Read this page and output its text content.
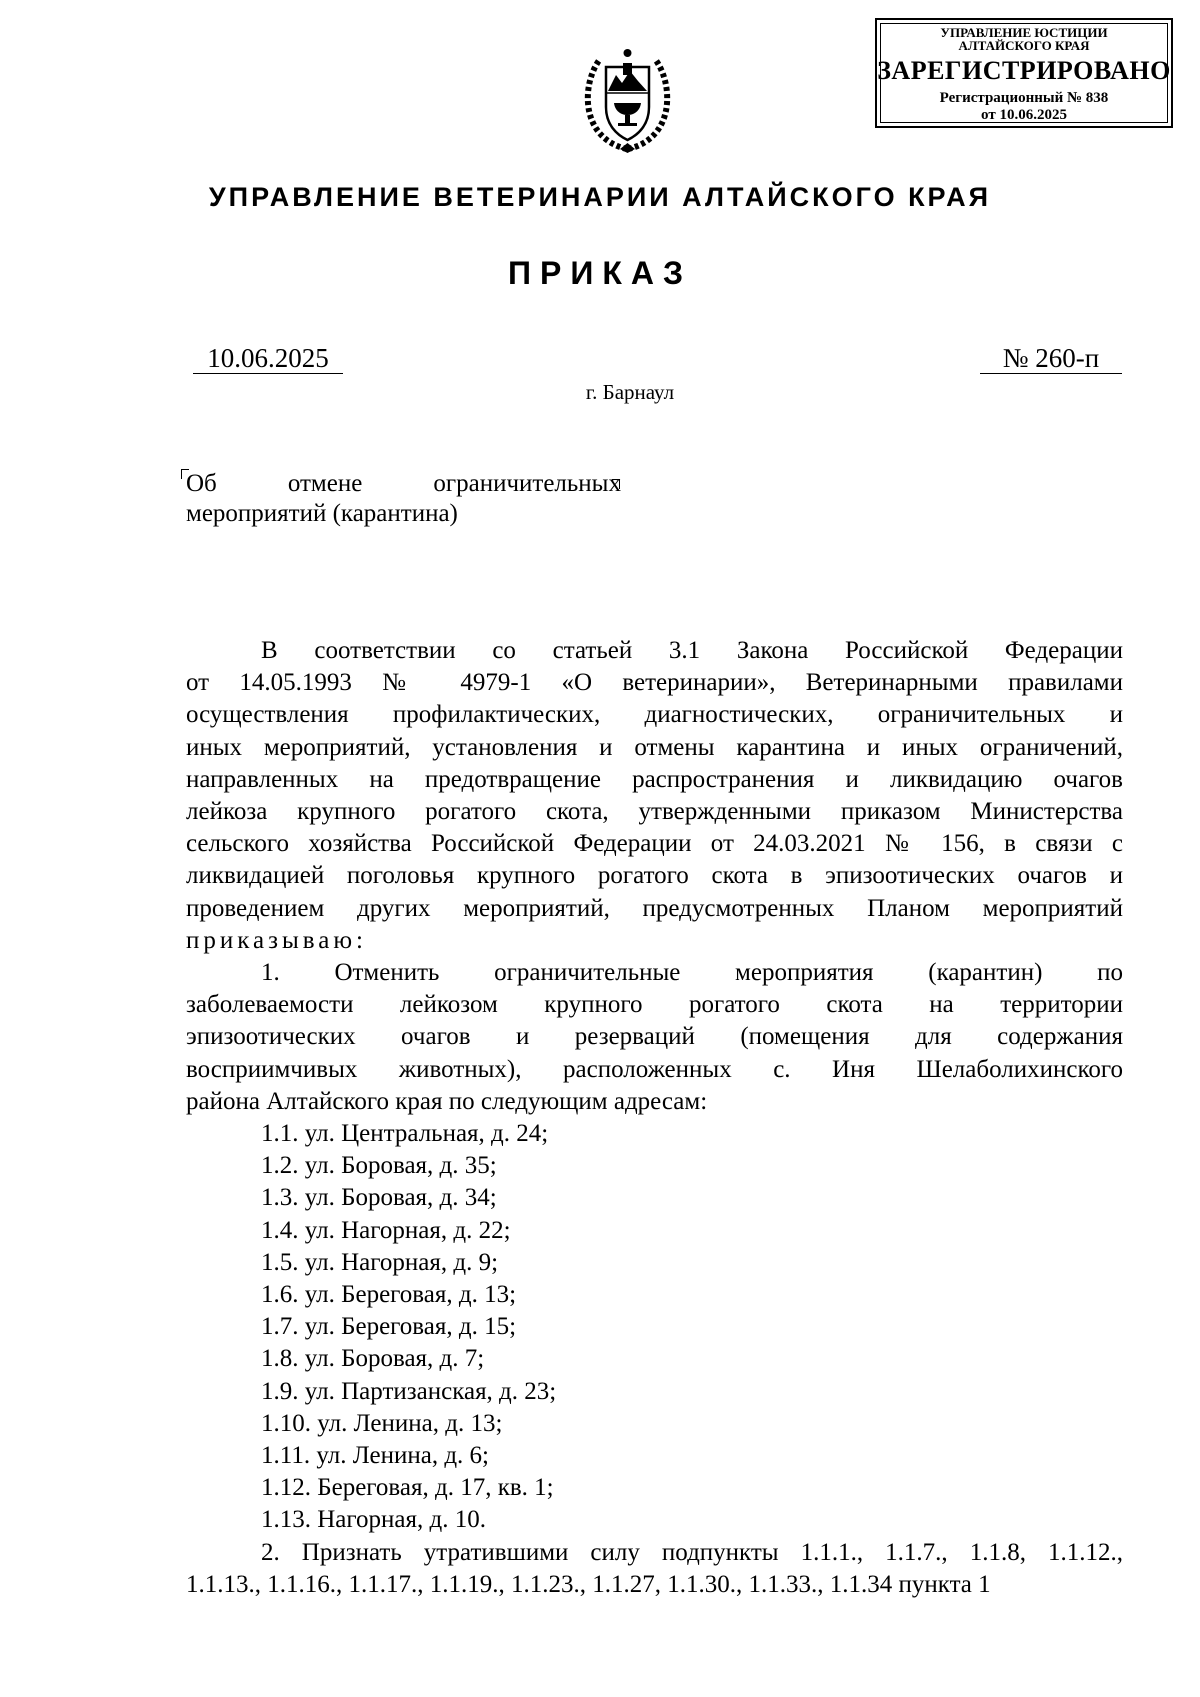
УПРАВЛЕНИЕ ЮСТИЦИИ
АЛТАЙСКОГО КРАЯ
ЗАРЕГИСТРИРОВАНО
Регистрационный № 838
от 10.06.2025
УПРАВЛЕНИЕ ВЕТЕРИНАРИИ АЛТАЙСКОГО КРАЯ
ПРИКАЗ
10.06.2025	№ 260-п
г. Барнаул
Об	отмене	ограничительных
мероприятий (карантина)

В соответствии со статьей 3.1 Закона Российской Федерации

от 14.05.1993 № 4979-1 «О ветеринарии», Ветеринарными правилами

осуществления профилактических, диагностических, ограничительных и

иных мероприятий, установления и отмены карантина и иных ограничений,

направленных на предотвращение распространения и ликвидацию очагов

лейкоза крупного рогатого скота, утвержденными приказом Министерства

сельского хозяйства Российской Федерации от 24.03.2021 № 156, в связи с

ликвидацией поголовья крупного рогатого скота в эпизоотических очагов и

проведением других мероприятий, предусмотренных Планом мероприятий

приказываю:

1. Отменить ограничительные мероприятия (карантин) по

заболеваемости лейкозом крупного рогатого скота на территории

эпизоотических очагов и резерваций (помещения для содержания

восприимчивых животных), расположенных с. Иня Шелаболихинского

района Алтайского края по следующим адресам:

1.1. ул. Центральная, д. 24;
1.2. ул. Боровая, д. 35;
1.3. ул. Боровая, д. 34;
1.4. ул. Нагорная, д. 22;
1.5. ул. Нагорная, д. 9;
1.6. ул. Береговая, д. 13;
1.7. ул. Береговая, д. 15;
1.8. ул. Боровая, д. 7;
1.9. ул. Партизанская, д. 23;
1.10. ул. Ленина, д. 13;
1.11. ул. Ленина, д. 6;
1.12. Береговая, д. 17, кв. 1;
1.13. Нагорная, д. 10.

2. Признать утратившими силу подпункты 1.1.1., 1.1.7., 1.1.8, 1.1.12.,

1.1.13., 1.1.16., 1.1.17., 1.1.19., 1.1.23., 1.1.27, 1.1.30., 1.1.33., 1.1.34 пункта 1
